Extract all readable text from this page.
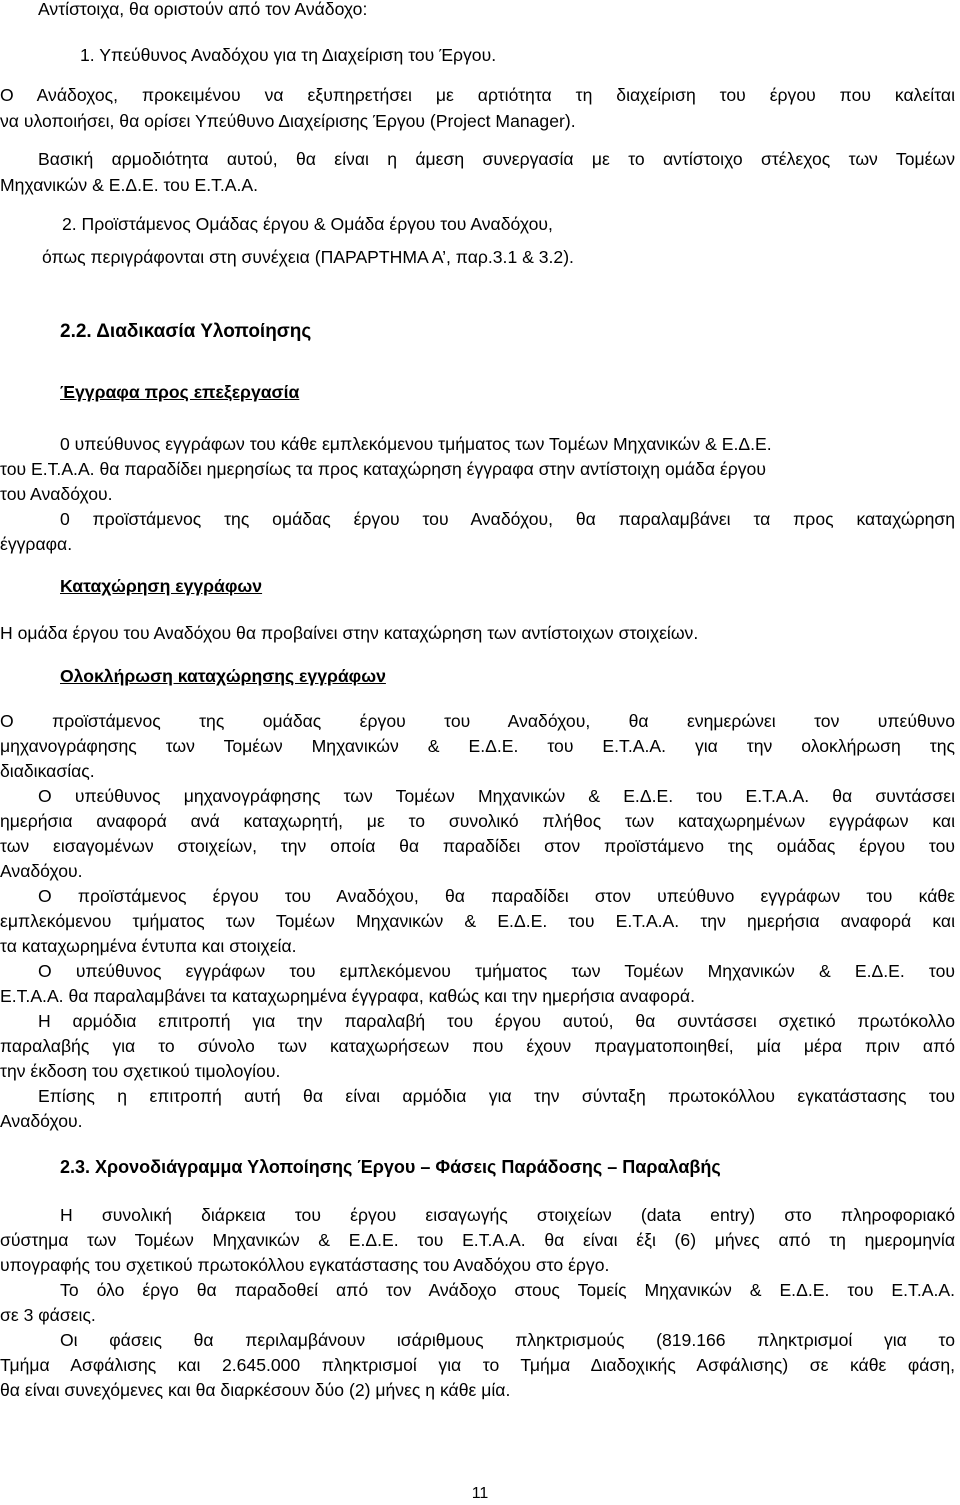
Αντίστοιχα, θα οριστούν από τον Ανάδοχο:
1. Υπεύθυνος Αναδόχου για τη Διαχείριση του Έργου.
Ο Ανάδοχος, προκειμένου να εξυπηρετήσει με αρτιότητα τη διαχείριση του έργου που καλείται
να υλοποιήσει, θα ορίσει Υπεύθυνο Διαχείρισης Έργου (Project Manager).
Βασική αρμοδιότητα αυτού, θα είναι η άμεση συνεργασία με το αντίστοιχο στέλεχος των Τομέων
Μηχανικών & Ε.Δ.Ε. του Ε.Τ.Α.Α.
2. Προϊστάμενος Ομάδας έργου & Ομάδα έργου του Αναδόχου,
όπως περιγράφονται στη συνέχεια (ΠΑΡΑΡΤΗΜΑ Α’, παρ.3.1 & 3.2).
2.2. Διαδικασία Υλοποίησης
Έγγραφα προς επεξεργασία
0 υπεύθυνος εγγράφων του κάθε εμπλεκόμενου τμήματος των Τομέων Μηχανικών & Ε.Δ.Ε.
του Ε.Τ.Α.Α. θα παραδίδει ημερησίως τα προς καταχώρηση έγγραφα στην αντίστοιχη ομάδα έργου
του Αναδόχου.
0 προϊστάμενος της ομάδας έργου του Αναδόχου, θα παραλαμβάνει τα προς καταχώρηση
έγγραφα.
Καταχώρηση εγγράφων
Η ομάδα έργου του Αναδόχου θα προβαίνει στην καταχώρηση των αντίστοιχων στοιχείων.
Ολοκλήρωση καταχώρησης εγγράφων
Ο προϊστάμενος της ομάδας έργου του Αναδόχου, θα ενημερώνει τον υπεύθυνο
μηχανογράφησης των Τομέων Μηχανικών & Ε.Δ.Ε. του Ε.Τ.Α.Α. για την ολοκλήρωση της
διαδικασίας.
Ο υπεύθυνος μηχανογράφησης των Τομέων Μηχανικών & Ε.Δ.Ε. του Ε.Τ.Α.Α. θα συντάσσει
ημερήσια αναφορά ανά καταχωρητή, με το συνολικό πλήθος των καταχωρημένων εγγράφων και
των εισαγομένων στοιχείων, την οποία θα παραδίδει στον προϊστάμενο της ομάδας έργου του
Αναδόχου.
Ο προϊστάμενος έργου του Αναδόχου, θα παραδίδει στον υπεύθυνο εγγράφων του κάθε
εμπλεκόμενου τμήματος των Τομέων Μηχανικών & Ε.Δ.Ε. του Ε.Τ.Α.Α. την ημερήσια αναφορά και
τα καταχωρημένα έντυπα και στοιχεία.
Ο υπεύθυνος εγγράφων του εμπλεκόμενου τμήματος των Τομέων Μηχανικών & Ε.Δ.Ε. του
Ε.Τ.Α.Α. θα παραλαμβάνει τα καταχωρημένα έγγραφα, καθώς και την ημερήσια αναφορά.
Η αρμόδια επιτροπή για την παραλαβή του έργου αυτού, θα συντάσσει σχετικό πρωτόκολλο
παραλαβής για το σύνολο των καταχωρήσεων που έχουν πραγματοποιηθεί, μία μέρα πριν από
την έκδοση του σχετικού τιμολογίου.
Επίσης η επιτροπή αυτή θα είναι αρμόδια για την σύνταξη πρωτοκόλλου εγκατάστασης του
Αναδόχου.
2.3. Χρονοδιάγραμμα Υλοποίησης Έργου – Φάσεις Παράδοσης – Παραλαβής
Η συνολική διάρκεια του έργου εισαγωγής στοιχείων (data entry) στο πληροφοριακό
σύστημα των Τομέων Μηχανικών & Ε.Δ.Ε. του Ε.Τ.Α.Α. θα είναι έξι (6) μήνες από τη ημερομηνία
υπογραφής του σχετικού πρωτοκόλλου εγκατάστασης του Αναδόχου στο έργο.
Το όλο έργο θα παραδοθεί από τον Ανάδοχο στους Τομείς Μηχανικών & Ε.Δ.Ε. του Ε.Τ.Α.Α.
σε 3 φάσεις.
Οι φάσεις θα περιλαμβάνουν ισάριθμους πληκτρισμούς (819.166 πληκτρισμοί για το
Τμήμα Ασφάλισης και 2.645.000 πληκτρισμοί για το Τμήμα Διαδοχικής Ασφάλισης) σε κάθε φάση,
θα είναι συνεχόμενες και θα διαρκέσουν δύο (2) μήνες η κάθε μία.
11
